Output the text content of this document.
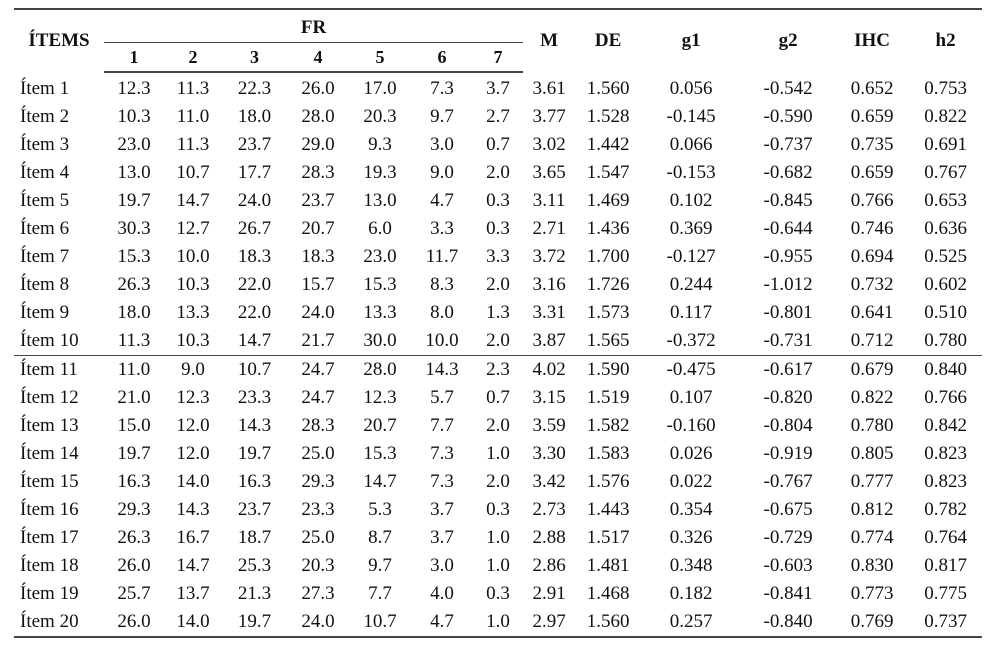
ÍTEMS	FR							M	DE	g1	g2	IHC	h2
	1	2	3	4	5	6	7						
Ítem 1	12.3	11.3	22.3	26.0	17.0	7.3	3.7	3.61	1.560	0.056	-0.542	0.652	0.753
Ítem 2	10.3	11.0	18.0	28.0	20.3	9.7	2.7	3.77	1.528	-0.145	-0.590	0.659	0.822
Ítem 3	23.0	11.3	23.7	29.0	9.3	3.0	0.7	3.02	1.442	0.066	-0.737	0.735	0.691
Ítem 4	13.0	10.7	17.7	28.3	19.3	9.0	2.0	3.65	1.547	-0.153	-0.682	0.659	0.767
Ítem 5	19.7	14.7	24.0	23.7	13.0	4.7	0.3	3.11	1.469	0.102	-0.845	0.766	0.653
Ítem 6	30.3	12.7	26.7	20.7	6.0	3.3	0.3	2.71	1.436	0.369	-0.644	0.746	0.636
Ítem 7	15.3	10.0	18.3	18.3	23.0	11.7	3.3	3.72	1.700	-0.127	-0.955	0.694	0.525
Ítem 8	26.3	10.3	22.0	15.7	15.3	8.3	2.0	3.16	1.726	0.244	-1.012	0.732	0.602
Ítem 9	18.0	13.3	22.0	24.0	13.3	8.0	1.3	3.31	1.573	0.117	-0.801	0.641	0.510
Ítem 10	11.3	10.3	14.7	21.7	30.0	10.0	2.0	3.87	1.565	-0.372	-0.731	0.712	0.780
Ítem 11	11.0	9.0	10.7	24.7	28.0	14.3	2.3	4.02	1.590	-0.475	-0.617	0.679	0.840
Ítem 12	21.0	12.3	23.3	24.7	12.3	5.7	0.7	3.15	1.519	0.107	-0.820	0.822	0.766
Ítem 13	15.0	12.0	14.3	28.3	20.7	7.7	2.0	3.59	1.582	-0.160	-0.804	0.780	0.842
Ítem 14	19.7	12.0	19.7	25.0	15.3	7.3	1.0	3.30	1.583	0.026	-0.919	0.805	0.823
Ítem 15	16.3	14.0	16.3	29.3	14.7	7.3	2.0	3.42	1.576	0.022	-0.767	0.777	0.823
Ítem 16	29.3	14.3	23.7	23.3	5.3	3.7	0.3	2.73	1.443	0.354	-0.675	0.812	0.782
Ítem 17	26.3	16.7	18.7	25.0	8.7	3.7	1.0	2.88	1.517	0.326	-0.729	0.774	0.764
Ítem 18	26.0	14.7	25.3	20.3	9.7	3.0	1.0	2.86	1.481	0.348	-0.603	0.830	0.817
Ítem 19	25.7	13.7	21.3	27.3	7.7	4.0	0.3	2.91	1.468	0.182	-0.841	0.773	0.775
Ítem 20	26.0	14.0	19.7	24.0	10.7	4.7	1.0	2.97	1.560	0.257	-0.840	0.769	0.737
